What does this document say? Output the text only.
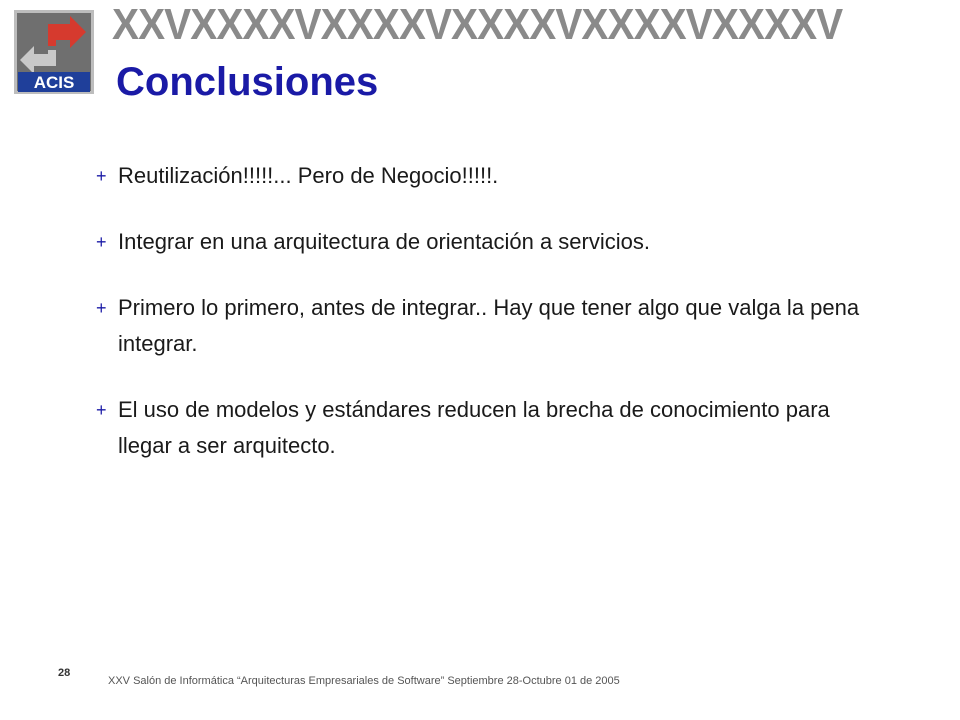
ACIS
XXVXXXXVXXXXVXXXXVXXXXVXXXXV
Conclusiones
+ Reutilización!!!!!... Pero de Negocio!!!!!.
+ Integrar en una arquitectura de orientación a servicios.
+ Primero lo primero, antes de integrar.. Hay que tener algo que valga la pena integrar.
+ El uso de modelos y estándares reducen la brecha de conocimiento para llegar a ser arquitecto.
28
XXV Salón de Informática “Arquitecturas Empresariales de Software” Septiembre 28-Octubre 01 de 2005
